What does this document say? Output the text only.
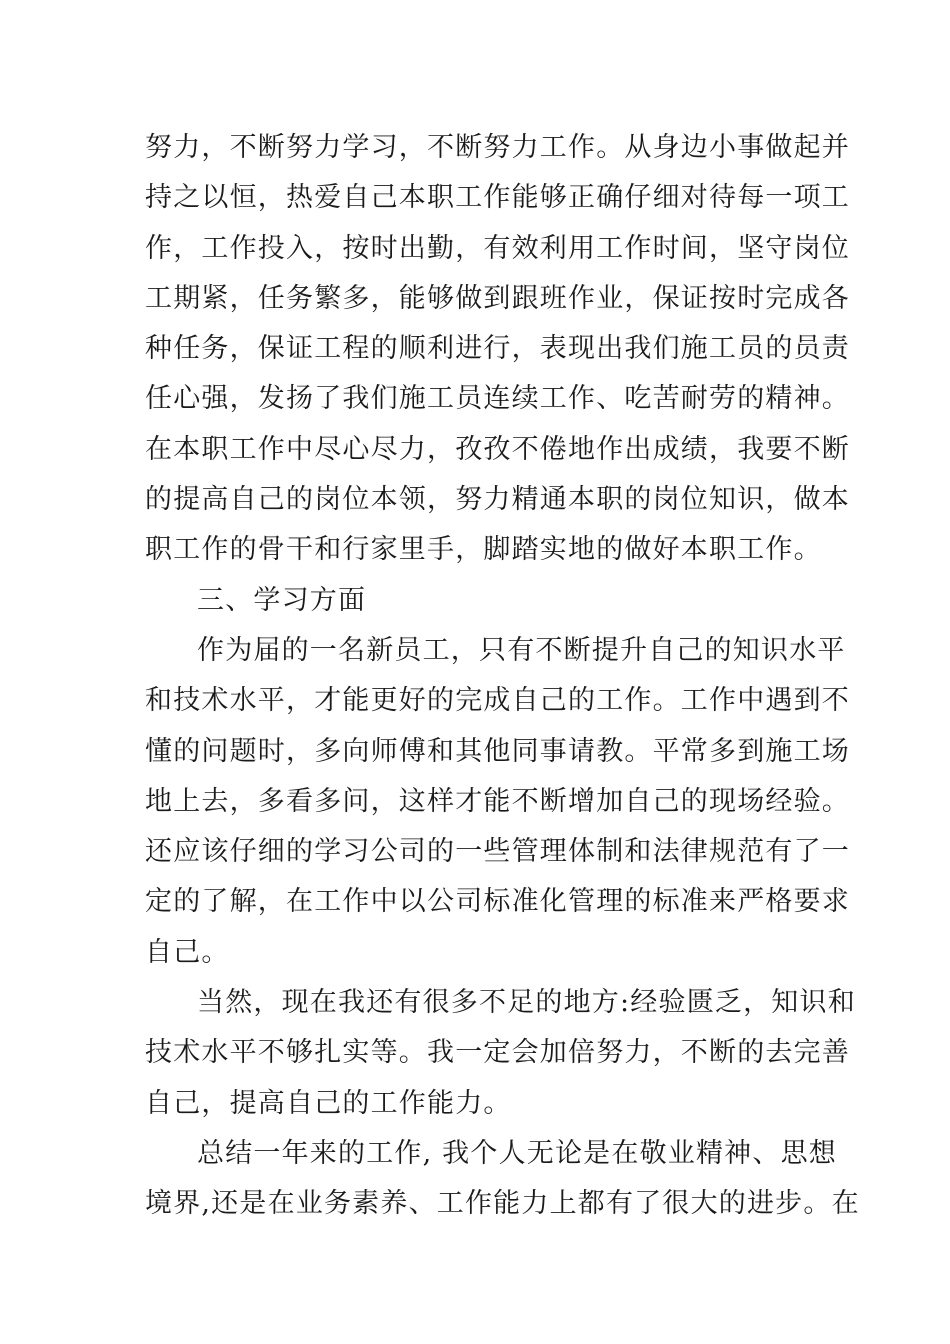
努力，不断努力学习，不断努力工作。从身边小事做起并
持之以恒，热爱自己本职工作能够正确仔细对待每一项工
作，工作投入，按时出勤，有效利用工作时间，坚守岗位
工期紧，任务繁多，能够做到跟班作业，保证按时完成各
种任务，保证工程的顺利进行，表现出我们施工员的员责
任心强，发扬了我们施工员连续工作、吃苦耐劳的精神。
在本职工作中尽心尽力，孜孜不倦地作出成绩，我要不断
的提高自己的岗位本领，努力精通本职的岗位知识，做本
职工作的骨干和行家里手，脚踏实地的做好本职工作。
三、学习方面
作为届的一名新员工，只有不断提升自己的知识水平
和技术水平，才能更好的完成自己的工作。工作中遇到不
懂的问题时，多向师傅和其他同事请教。平常多到施工场
地上去，多看多问，这样才能不断增加自己的现场经验。
还应该仔细的学习公司的一些管理体制和法律规范有了一
定的了解，在工作中以公司标准化管理的标准来严格要求
自己。
当然，现在我还有很多不足的地方:经验匮乏，知识和
技术水平不够扎实等。我一定会加倍努力，不断的去完善
自己，提高自己的工作能力。
总结一年来的工作, 我个人无论是在敬业精神、思想
境界,还是在业务素养、工作能力上都有了很大的进步。在
